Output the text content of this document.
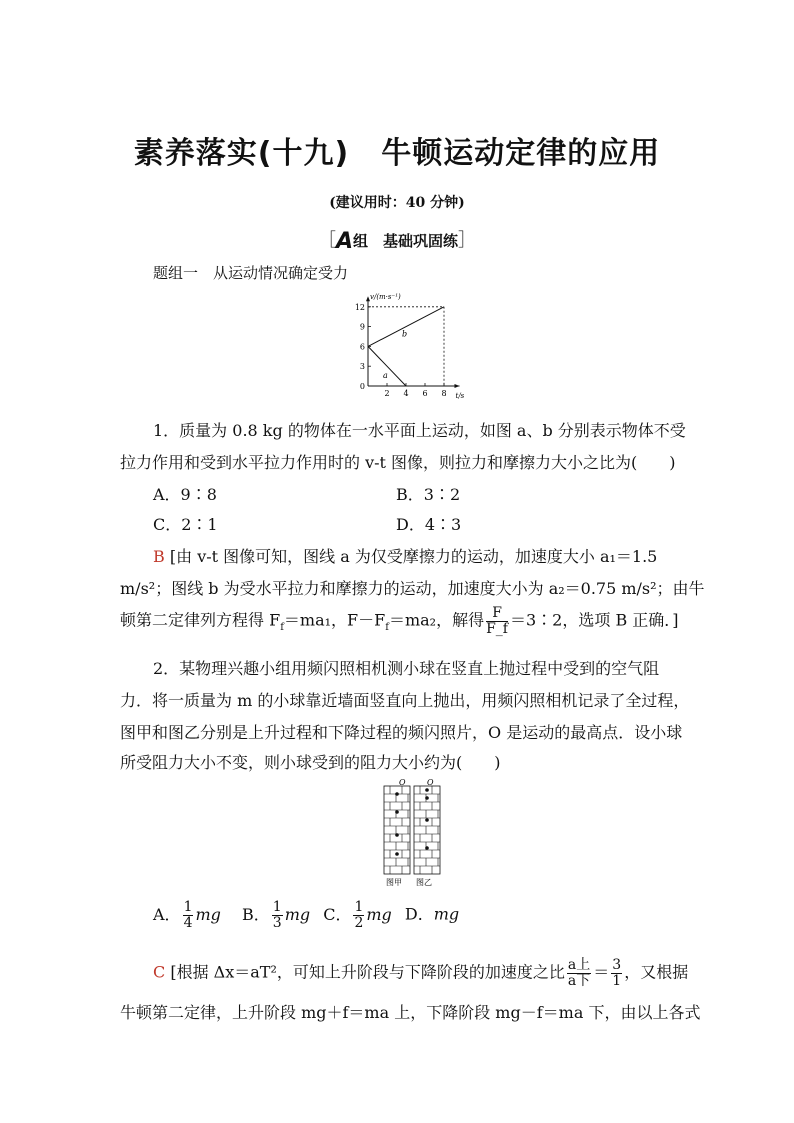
素养落实(十九) 牛顿运动定律的应用
(建议用时：40 分钟)
［A组　基础巩固练］
题组一　从运动情况确定受力
v/(m·s⁻¹)
t/s
0
3
6
9
12
2 4 6 8
a
b
1．质量为 0.8 kg 的物体在一水平面上运动，如图 a、b 分别表示物体不受
拉力作用和受到水平拉力作用时的 v-t 图像，则拉力和摩擦力大小之比为(　　)
A．9∶8	B．3∶2
C．2∶1	D．4∶3
B [由 v-t 图像可知，图线 a 为仅受摩擦力的运动，加速度大小 a₁＝1.5
m/s²；图线 b 为受水平拉力和摩擦力的运动，加速度大小为 a₂＝0.75 m/s²；由牛
顿第二定律列方程得 $F_f=ma_1$，$F-F_f=ma_2$，解得 $\frac{F}{F\_f}$ ＝3∶2，选项 B 正确．]
2．某物理兴趣小组用频闪照相机测小球在竖直上抛过程中受到的空气阻
力．将一质量为 m 的小球靠近墙面竖直向上抛出，用频闪照相机记录了全过程，
图甲和图乙分别是上升过程和下降过程的频闪照片，O 是运动的最高点．设小球
所受阻力大小不变，则小球受到的阻力大小约为(　　)
O	O
图甲 图乙
A． $\frac{1}{4}$ mg  B． $\frac{1}{3}$ mg  C． $\frac{1}{2}$ mg  D．mg
C [根据 Δx＝aT²，可知上升阶段与下降阶段的加速度之比 $\frac{\text{a上}}{\text{a下}} = \frac{3}{1}$ ，又根据
牛顿第二定律，上升阶段 mg＋f＝ma 上，下降阶段 mg－f＝ma 下，由以上各式
